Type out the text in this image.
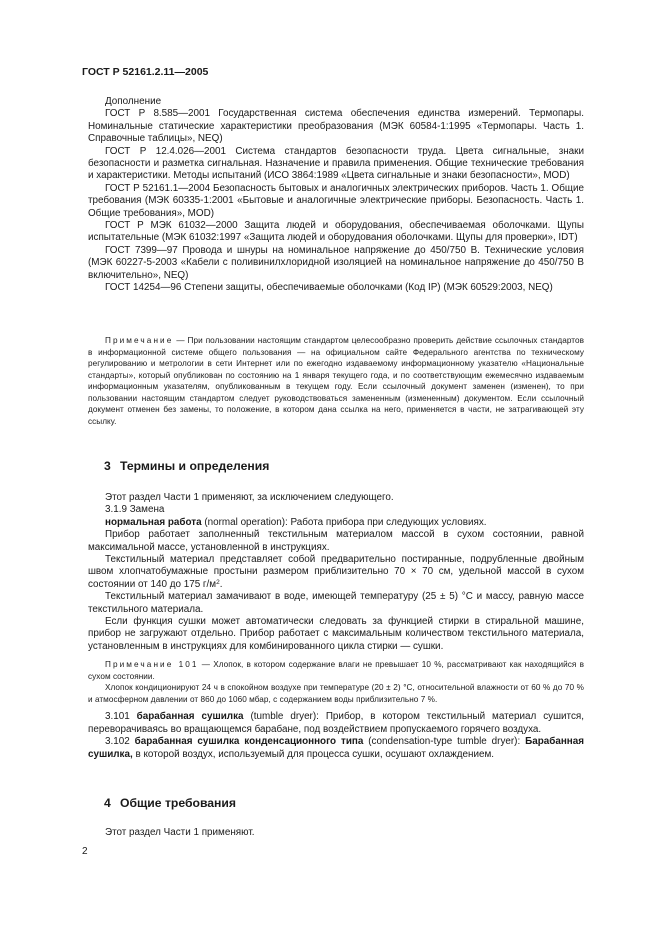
ГОСТ Р 52161.2.11—2005

Дополнение

ГОСТ Р 8.585—2001 Государственная система обеспечения единства измерений. Термопары. Номинальные статические характеристики преобразования (МЭК 60584-1:1995 «Термопары. Часть 1. Справочные таблицы», NEQ)

ГОСТ Р 12.4.026—2001 Система стандартов безопасности труда. Цвета сигнальные, знаки безопасности и разметка сигнальная. Назначение и правила применения. Общие технические требования и характеристики. Методы испытаний (ИСО 3864:1989 «Цвета сигнальные и знаки безопасности», MOD)

ГОСТ Р 52161.1—2004 Безопасность бытовых и аналогичных электрических приборов. Часть 1. Общие требования (МЭК 60335-1:2001 «Бытовые и аналогичные электрические приборы. Безопасность. Часть 1. Общие требования», MOD)

ГОСТ Р МЭК 61032—2000 Защита людей и оборудования, обеспечиваемая оболочками. Щупы испытательные (МЭК 61032:1997 «Защита людей и оборудования оболочками. Щупы для проверки», IDT)

ГОСТ 7399—97 Провода и шнуры на номинальное напряжение до 450/750 В. Технические условия (МЭК 60227-5-2003 «Кабели с поливинилхлоридной изоляцией на номинальное напряжение до 450/750 В включительно», NEQ)

ГОСТ 14254—96 Степени защиты, обеспечиваемые оболочками (Код IP) (МЭК 60529:2003, NEQ)

Примечание — При пользовании настоящим стандартом целесообразно проверить действие ссылочных стандартов в информационной системе общего пользования — на официальном сайте Федерального агентства по техническому регулированию и метрологии в сети Интернет или по ежегодно издаваемому информационному указателю «Национальные стандарты», который опубликован по состоянию на 1 января текущего года, и по соответствующим ежемесячно издаваемым информационным указателям, опубликованным в текущем году. Если ссылочный документ заменен (изменен), то при пользовании настоящим стандартом следует руководствоваться замененным (измененным) документом. Если ссылочный документ отменен без замены, то положение, в котором дана ссылка на него, применяется в части, не затрагивающей эту ссылку.

3 Термины и определения

Этот раздел Части 1 применяют, за исключением следующего.

3.1.9 Замена

нормальная работа (normal operation): Работа прибора при следующих условиях.

Прибор работает заполненный текстильным материалом массой в сухом состоянии, равной максимальной массе, установленной в инструкциях.

Текстильный материал представляет собой предварительно постиранные, подрубленные двойным швом хлопчатобумажные простыни размером приблизительно 70 × 70 см, удельной массой в сухом состоянии от 140 до 175 $г/м^2$.

Текстильный материал замачивают в воде, имеющей температуру (25 ± 5) °С и массу, равную массе текстильного материала.

Если функция сушки может автоматически следовать за функцией стирки в стиральной машине, прибор не загружают отдельно. Прибор работает с максимальным количеством текстильного материала, установленным в инструкциях для комбинированного цикла стирки — сушки.

Примечание 101 — Хлопок, в котором содержание влаги не превышает 10 %, рассматривают как находящийся в сухом состоянии.

Хлопок кондиционируют 24 ч в спокойном воздухе при температуре (20 ± 2) °С, относительной влажности от 60 % до 70 % и атмосферном давлении от 860 до 1060 мбар, с содержанием воды приблизительно 7 %.

3.101 барабанная сушилка (tumble dryer): Прибор, в котором текстильный материал сушится, переворачиваясь во вращающемся барабане, под воздействием пропускаемого горячего воздуха.

3.102 барабанная сушилка конденсационного типа (condensation-type tumble dryer): Барабанная сушилка, в которой воздух, используемый для процесса сушки, осушают охлаждением.

4 Общие требования

Этот раздел Части 1 применяют.

2
